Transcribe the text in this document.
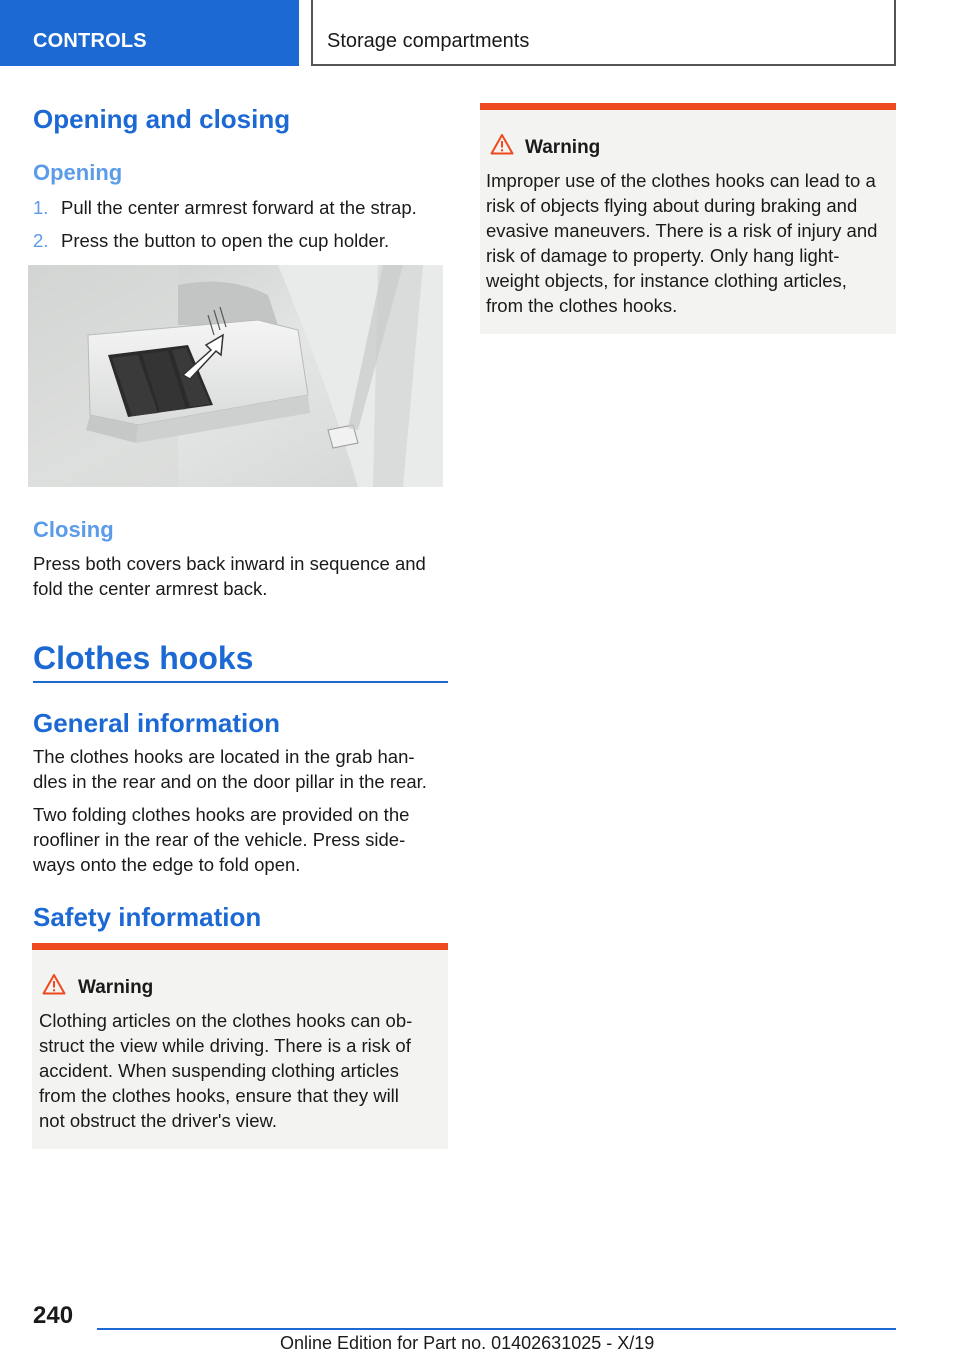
CONTROLS	Storage compartments
Opening and closing
Opening
1. Pull the center armrest forward at the strap.
2. Press the button to open the cup holder.
Closing
Press both covers back inward in sequence and
fold the center armrest back.
Clothes hooks
General information
The clothes hooks are located in the grab han-
dles in the rear and on the door pillar in the rear.
Two folding clothes hooks are provided on the
roofliner in the rear of the vehicle. Press side-
ways onto the edge to fold open.
Safety information
Warning
Clothing articles on the clothes hooks can ob-
struct the view while driving. There is a risk of
accident. When suspending clothing articles
from the clothes hooks, ensure that they will
not obstruct the driver's view.
Warning
Improper use of the clothes hooks can lead to a
risk of objects flying about during braking and
evasive maneuvers. There is a risk of injury and
risk of damage to property. Only hang light-
weight objects, for instance clothing articles,
from the clothes hooks.
240
Online Edition for Part no. 01402631025 - X/19
